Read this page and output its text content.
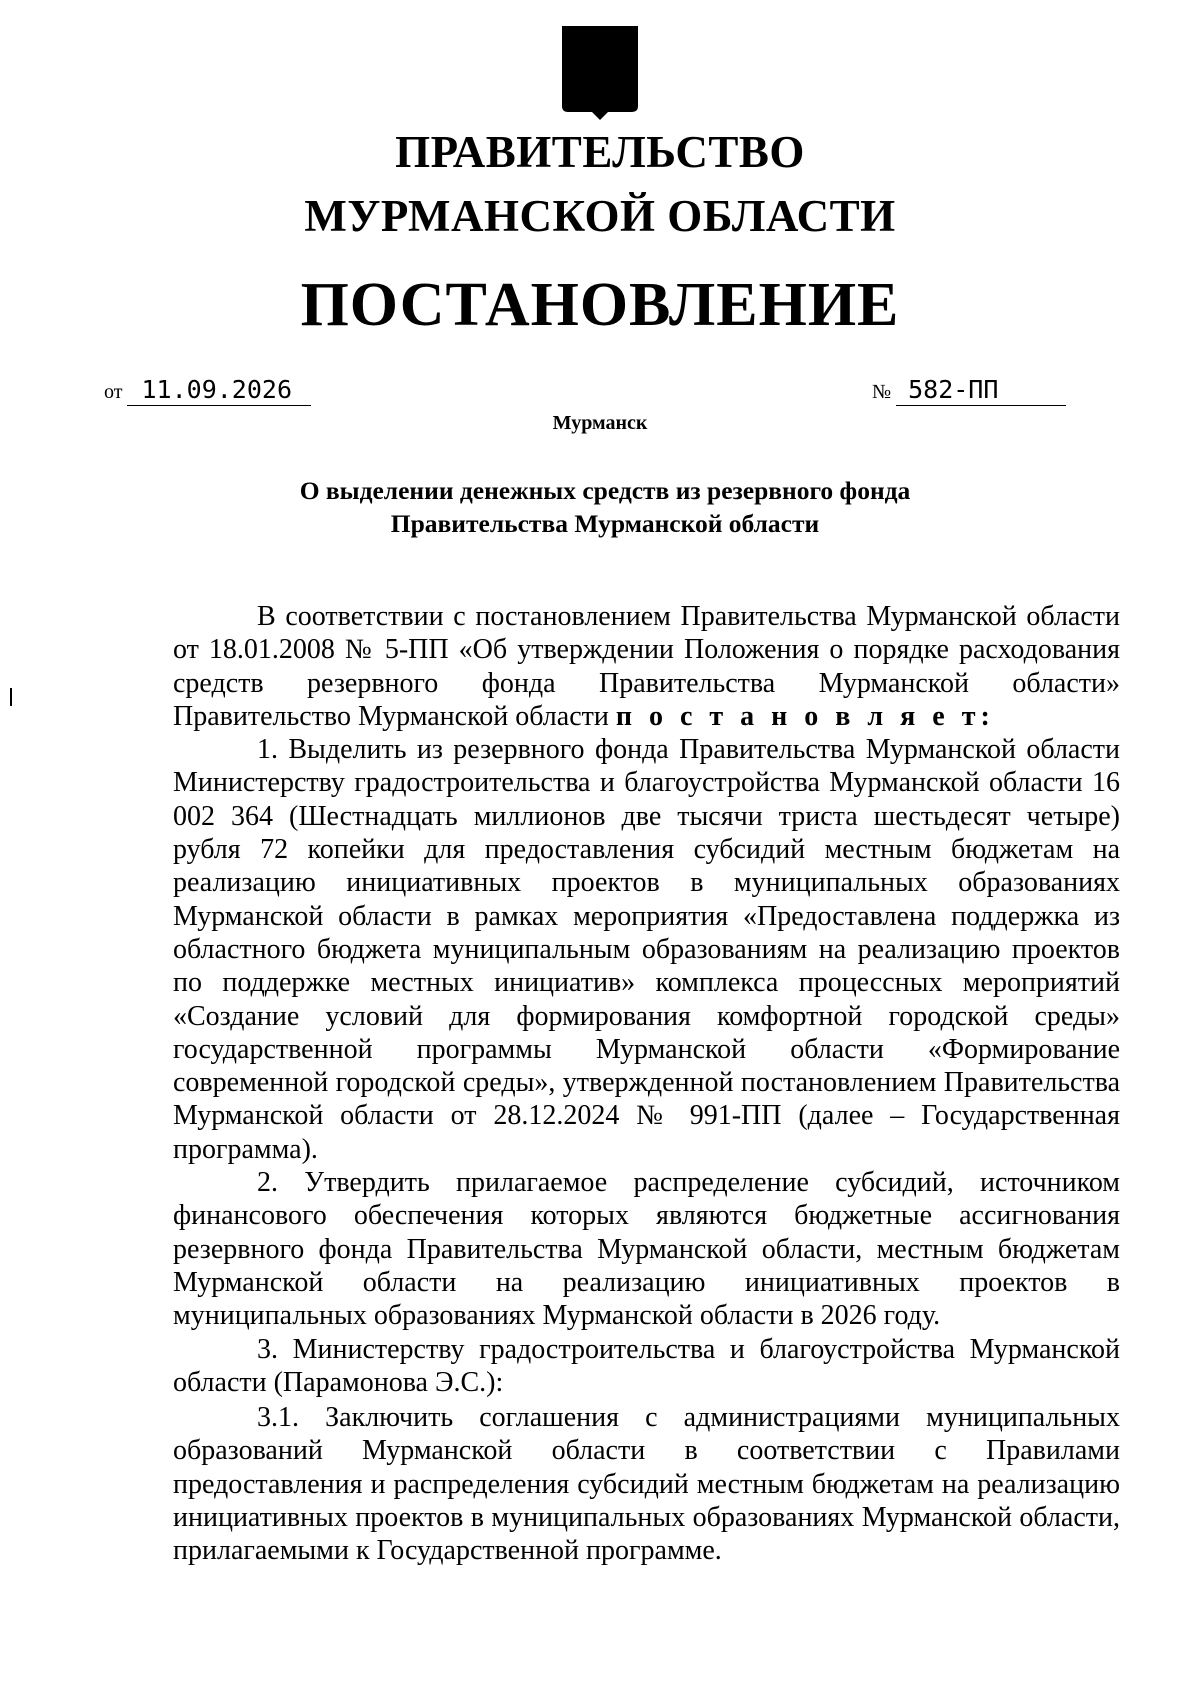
ПРАВИТЕЛЬСТВО
МУРМАНСКОЙ ОБЛАСТИ
ПОСТАНОВЛЕНИЕ
от 11.09.2026	№ 582-ПП
Мурманск
О выделении денежных средств из резервного фонда
Правительства Мурманской области

В соответствии с постановлением Правительства Мурманской области от 18.01.2008 № 5-ПП «Об утверждении Положения о порядке расходования средств резервного фонда Правительства Мурманской области» Правительство Мурманской области п о с т а н о в л я е т:

1. Выделить из резервного фонда Правительства Мурманской области Министерству градостроительства и благоустройства Мурманской области 16 002 364 (Шестнадцать миллионов две тысячи триста шестьдесят четыре) рубля 72 копейки для предоставления субсидий местным бюджетам на реализацию инициативных проектов в муниципальных образованиях Мурманской области в рамках мероприятия «Предоставлена поддержка из областного бюджета муниципальным образованиям на реализацию проектов по поддержке местных инициатив» комплекса процессных мероприятий «Создание условий для формирования комфортной городской среды» государственной программы Мурманской области «Формирование современной городской среды», утвержденной постановлением Правительства Мурманской области от 28.12.2024 № 991-ПП (далее – Государственная программа).

2. Утвердить прилагаемое распределение субсидий, источником финансового обеспечения которых являются бюджетные ассигнования резервного фонда Правительства Мурманской области, местным бюджетам Мурманской области на реализацию инициативных проектов в муниципальных образованиях Мурманской области в 2026 году.

3. Министерству градостроительства и благоустройства Мурманской области (Парамонова Э.С.):

3.1. Заключить соглашения с администрациями муниципальных образований Мурманской области в соответствии с Правилами предоставления и распределения субсидий местным бюджетам на реализацию инициативных проектов в муниципальных образованиях Мурманской области, прилагаемыми к Государственной программе.
